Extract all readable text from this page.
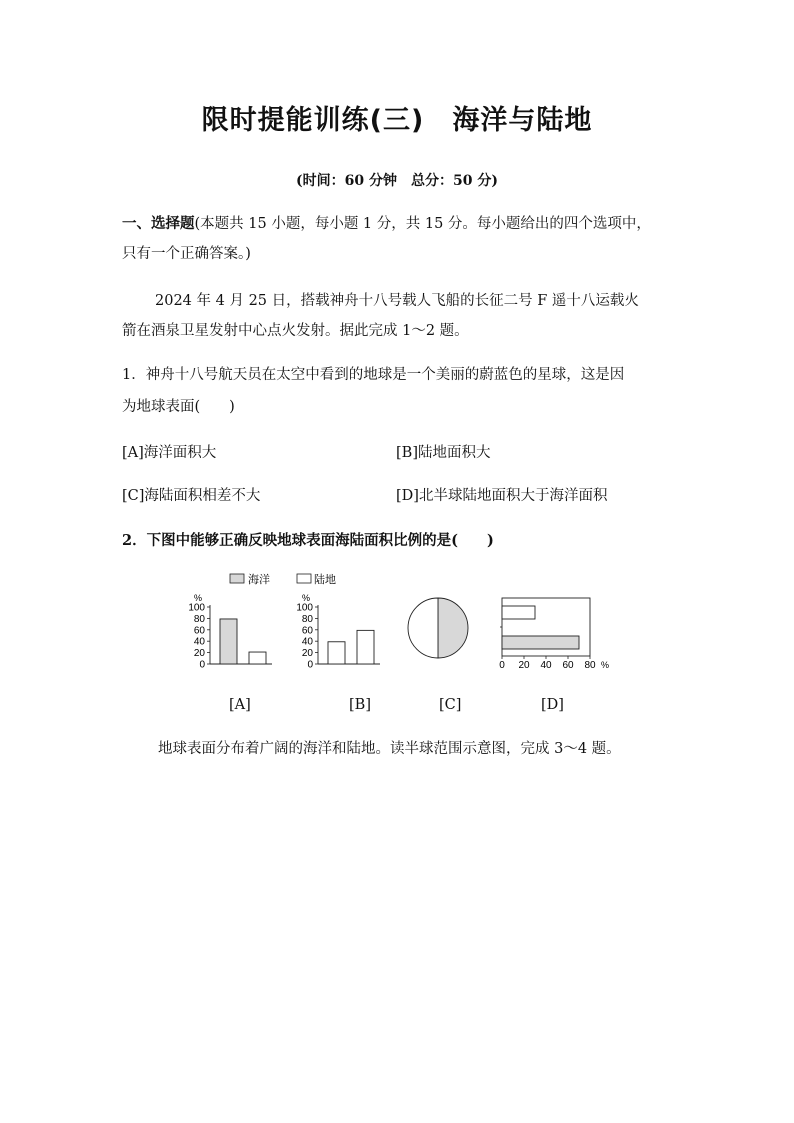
限时提能训练(三)　海洋与陆地
(时间：60 分钟　总分：50 分)
一、选择题(本题共 15 小题，每小题 1 分，共 15 分。每小题给出的四个选项中，
只有一个正确答案。)
2024 年 4 月 25 日，搭载神舟十八号载人飞船的长征二号 F 遥十八运载火
箭在酒泉卫星发射中心点火发射。据此完成 1～2 题。
1．神舟十八号航天员在太空中看到的地球是一个美丽的蔚蓝色的星球，这是因
为地球表面(　　)
[A]海洋面积大	[B]陆地面积大
[C]海陆面积相差不大	[D]北半球陆地面积大于海洋面积
2．下图中能够正确反映地球表面海陆面积比例的是(　　)
海洋	陆地
%
0
20
40
60
80
100
%
0
20
40
60
80
100
0 20 40 60 80 %
[A]	[B]	[C]	[D]
地球表面分布着广阔的海洋和陆地。读半球范围示意图，完成 3～4 题。
